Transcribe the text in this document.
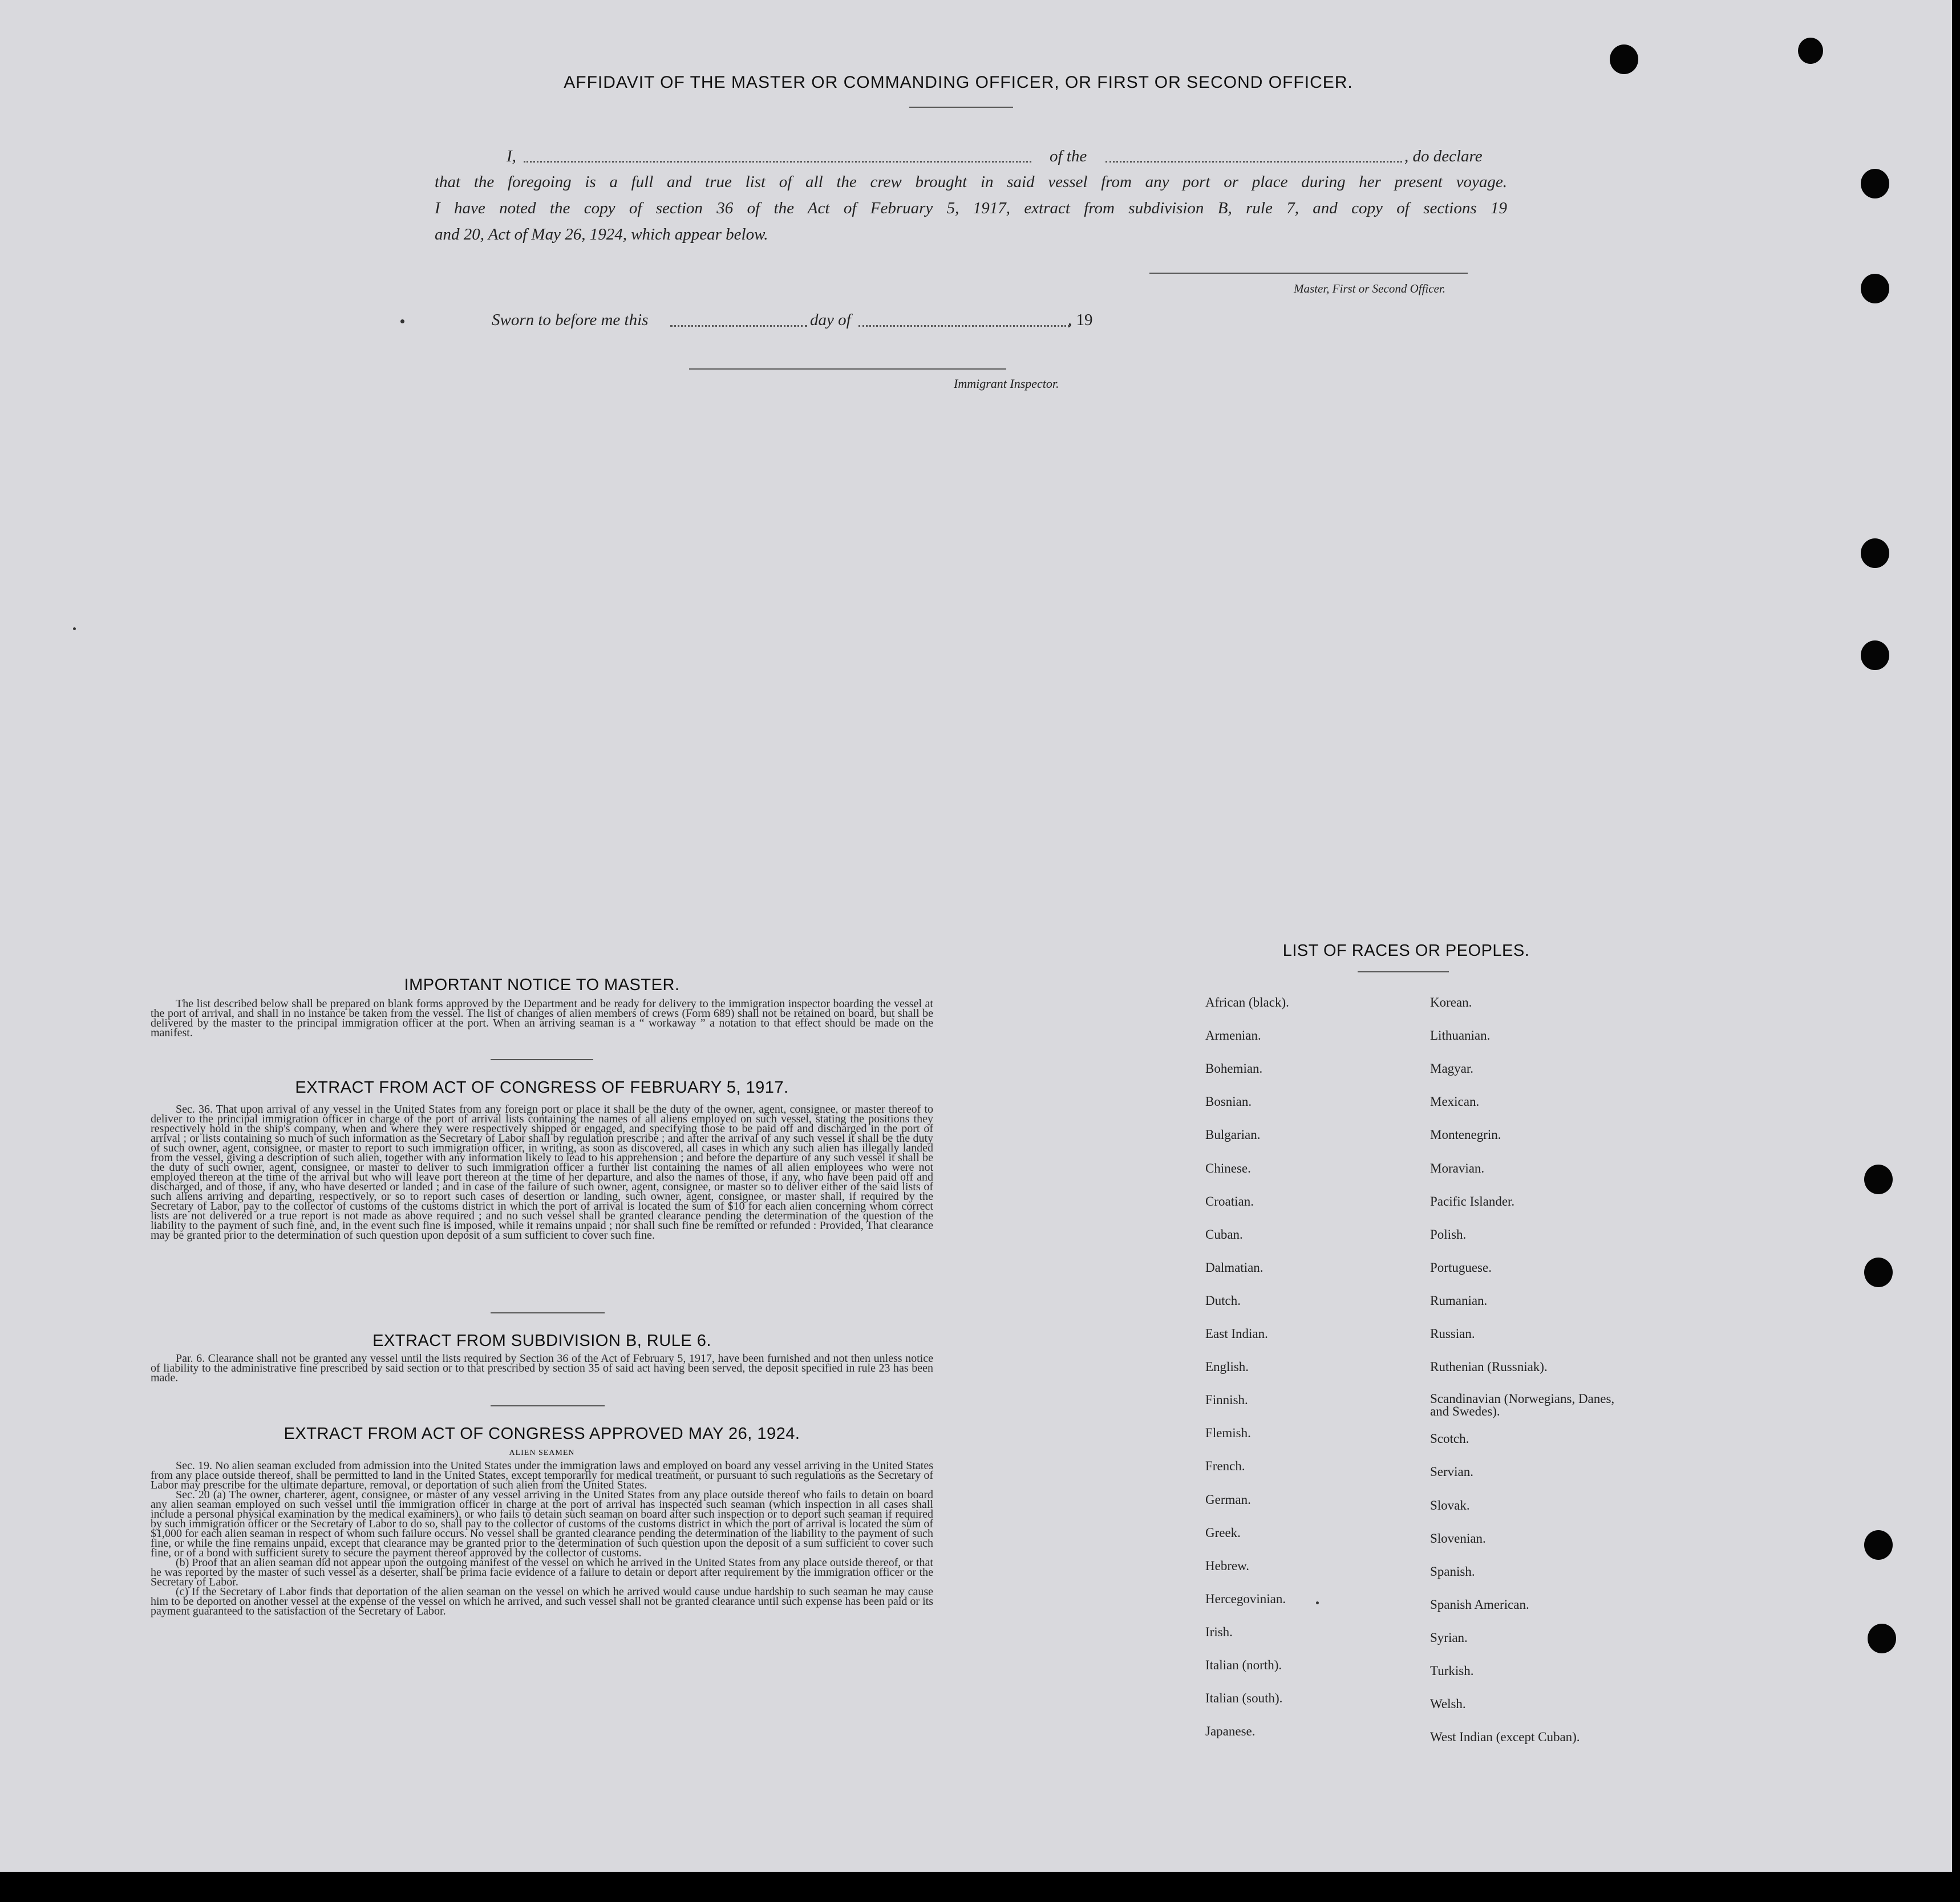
AFFIDAVIT OF THE MASTER OR COMMANDING OFFICER, OR FIRST OR SECOND OFFICER.
I,	of the	, do declare
that the foregoing is a full and true list of all the crew brought in said vessel from any port or place during her present voyage.
I have noted the copy of section 36 of the Act of February 5, 1917, extract from subdivision B, rule 7, and copy of sections 19
and 20, Act of May 26, 1924, which appear below.
Master, First or Second Officer.
Sworn to before me this	day of	, 19
Immigrant Inspector.
IMPORTANT NOTICE TO MASTER.

The list described below shall be prepared on blank forms approved by the Department and be ready for delivery to the immigration inspector boarding the vessel at the port of arrival, and shall in no instance be taken from the vessel. The list of changes of alien members of crews (Form 689) shall not be retained on board, but shall be delivered by the master to the principal immigration officer at the port. When an arriving seaman is a “ workaway ” a notation to that effect should be made on the manifest.

EXTRACT FROM ACT OF CONGRESS OF FEBRUARY 5, 1917.

Sec. 36. That upon arrival of any vessel in the United States from any foreign port or place it shall be the duty of the owner, agent, consignee, or master thereof to deliver to the principal immigration officer in charge of the port of arrival lists containing the names of all aliens employed on such vessel, stating the positions they respectively hold in the ship's company, when and where they were respectively shipped or engaged, and specifying those to be paid off and discharged in the port of arrival ; or lists containing so much of such information as the Secretary of Labor shall by regulation prescribe ; and after the arrival of any such vessel it shall be the duty of such owner, agent, consignee, or master to report to such immigration officer, in writing, as soon as discovered, all cases in which any such alien has illegally landed from the vessel, giving a description of such alien, together with any information likely to lead to his apprehension ; and before the departure of any such vessel it shall be the duty of such owner, agent, consignee, or master to deliver to such immigration officer a further list containing the names of all alien employees who were not employed thereon at the time of the arrival but who will leave port thereon at the time of her departure, and also the names of those, if any, who have been paid off and discharged, and of those, if any, who have deserted or landed ; and in case of the failure of such owner, agent, consignee, or master so to deliver either of the said lists of such aliens arriving and departing, respectively, or so to report such cases of desertion or landing, such owner, agent, consignee, or master shall, if required by the Secretary of Labor, pay to the collector of customs of the customs district in which the port of arrival is located the sum of $10 for each alien concerning whom correct lists are not delivered or a true report is not made as above required ; and no such vessel shall be granted clearance pending the determination of the question of the liability to the payment of such fine, and, in the event such fine is imposed, while it remains unpaid ; nor shall such fine be remitted or refunded : Provided, That clearance may be granted prior to the determination of such question upon deposit of a sum sufficient to cover such fine.

EXTRACT FROM SUBDIVISION B, RULE 6.

Par. 6. Clearance shall not be granted any vessel until the lists required by Section 36 of the Act of February 5, 1917, have been furnished and not then unless notice of liability to the administrative fine prescribed by said section or to that prescribed by section 35 of said act having been served, the deposit specified in rule 23 has been made.

EXTRACT FROM ACT OF CONGRESS APPROVED MAY 26, 1924.
ALIEN SEAMEN

Sec. 19. No alien seaman excluded from admission into the United States under the immigration laws and employed on board any vessel arriving in the United States from any place outside thereof, shall be permitted to land in the United States, except temporarily for medical treatment, or pursuant to such regulations as the Secretary of Labor may prescribe for the ultimate departure, removal, or deportation of such alien from the United States.

Sec. 20 (a) The owner, charterer, agent, consignee, or master of any vessel arriving in the United States from any place outside thereof who fails to detain on board any alien seaman employed on such vessel until the immigration officer in charge at the port of arrival has inspected such seaman (which inspection in all cases shall include a personal physical examination by the medical examiners), or who fails to detain such seaman on board after such inspection or to deport such seaman if required by such immigration officer or the Secretary of Labor to do so, shall pay to the collector of customs of the customs district in which the port of arrival is located the sum of $1,000 for each alien seaman in respect of whom such failure occurs. No vessel shall be granted clearance pending the determination of the liability to the payment of such fine, or while the fine remains unpaid, except that clearance may be granted prior to the determination of such question upon the deposit of a sum sufficient to cover such fine, or of a bond with sufficient surety to secure the payment thereof approved by the collector of customs.

(b) Proof that an alien seaman did not appear upon the outgoing manifest of the vessel on which he arrived in the United States from any place outside thereof, or that he was reported by the master of such vessel as a deserter, shall be prima facie evidence of a failure to detain or deport after requirement by the immigration officer or the Secretary of Labor.

(c) If the Secretary of Labor finds that deportation of the alien seaman on the vessel on which he arrived would cause undue hardship to such seaman he may cause him to be deported on another vessel at the expense of the vessel on which he arrived, and such vessel shall not be granted clearance until such expense has been paid or its payment guaranteed to the satisfaction of the Secretary of Labor.

LIST OF RACES OR PEOPLES.
African (black).
Armenian.
Bohemian.
Bosnian.
Bulgarian.
Chinese.
Croatian.
Cuban.
Dalmatian.
Dutch.
East Indian.
English.
Finnish.
Flemish.
French.
German.
Greek.
Hebrew.
Hercegovinian.
Irish.
Italian (north).
Italian (south).
Japanese.
Korean.
Lithuanian.
Magyar.
Mexican.
Montenegrin.
Moravian.
Pacific Islander.
Polish.
Portuguese.
Rumanian.
Russian.
Ruthenian (Russniak).
Scandinavian (Norwegians, Danes, and Swedes).
Scotch.
Servian.
Slovak.
Slovenian.
Spanish.
Spanish American.
Syrian.
Turkish.
Welsh.
West Indian (except Cuban).
